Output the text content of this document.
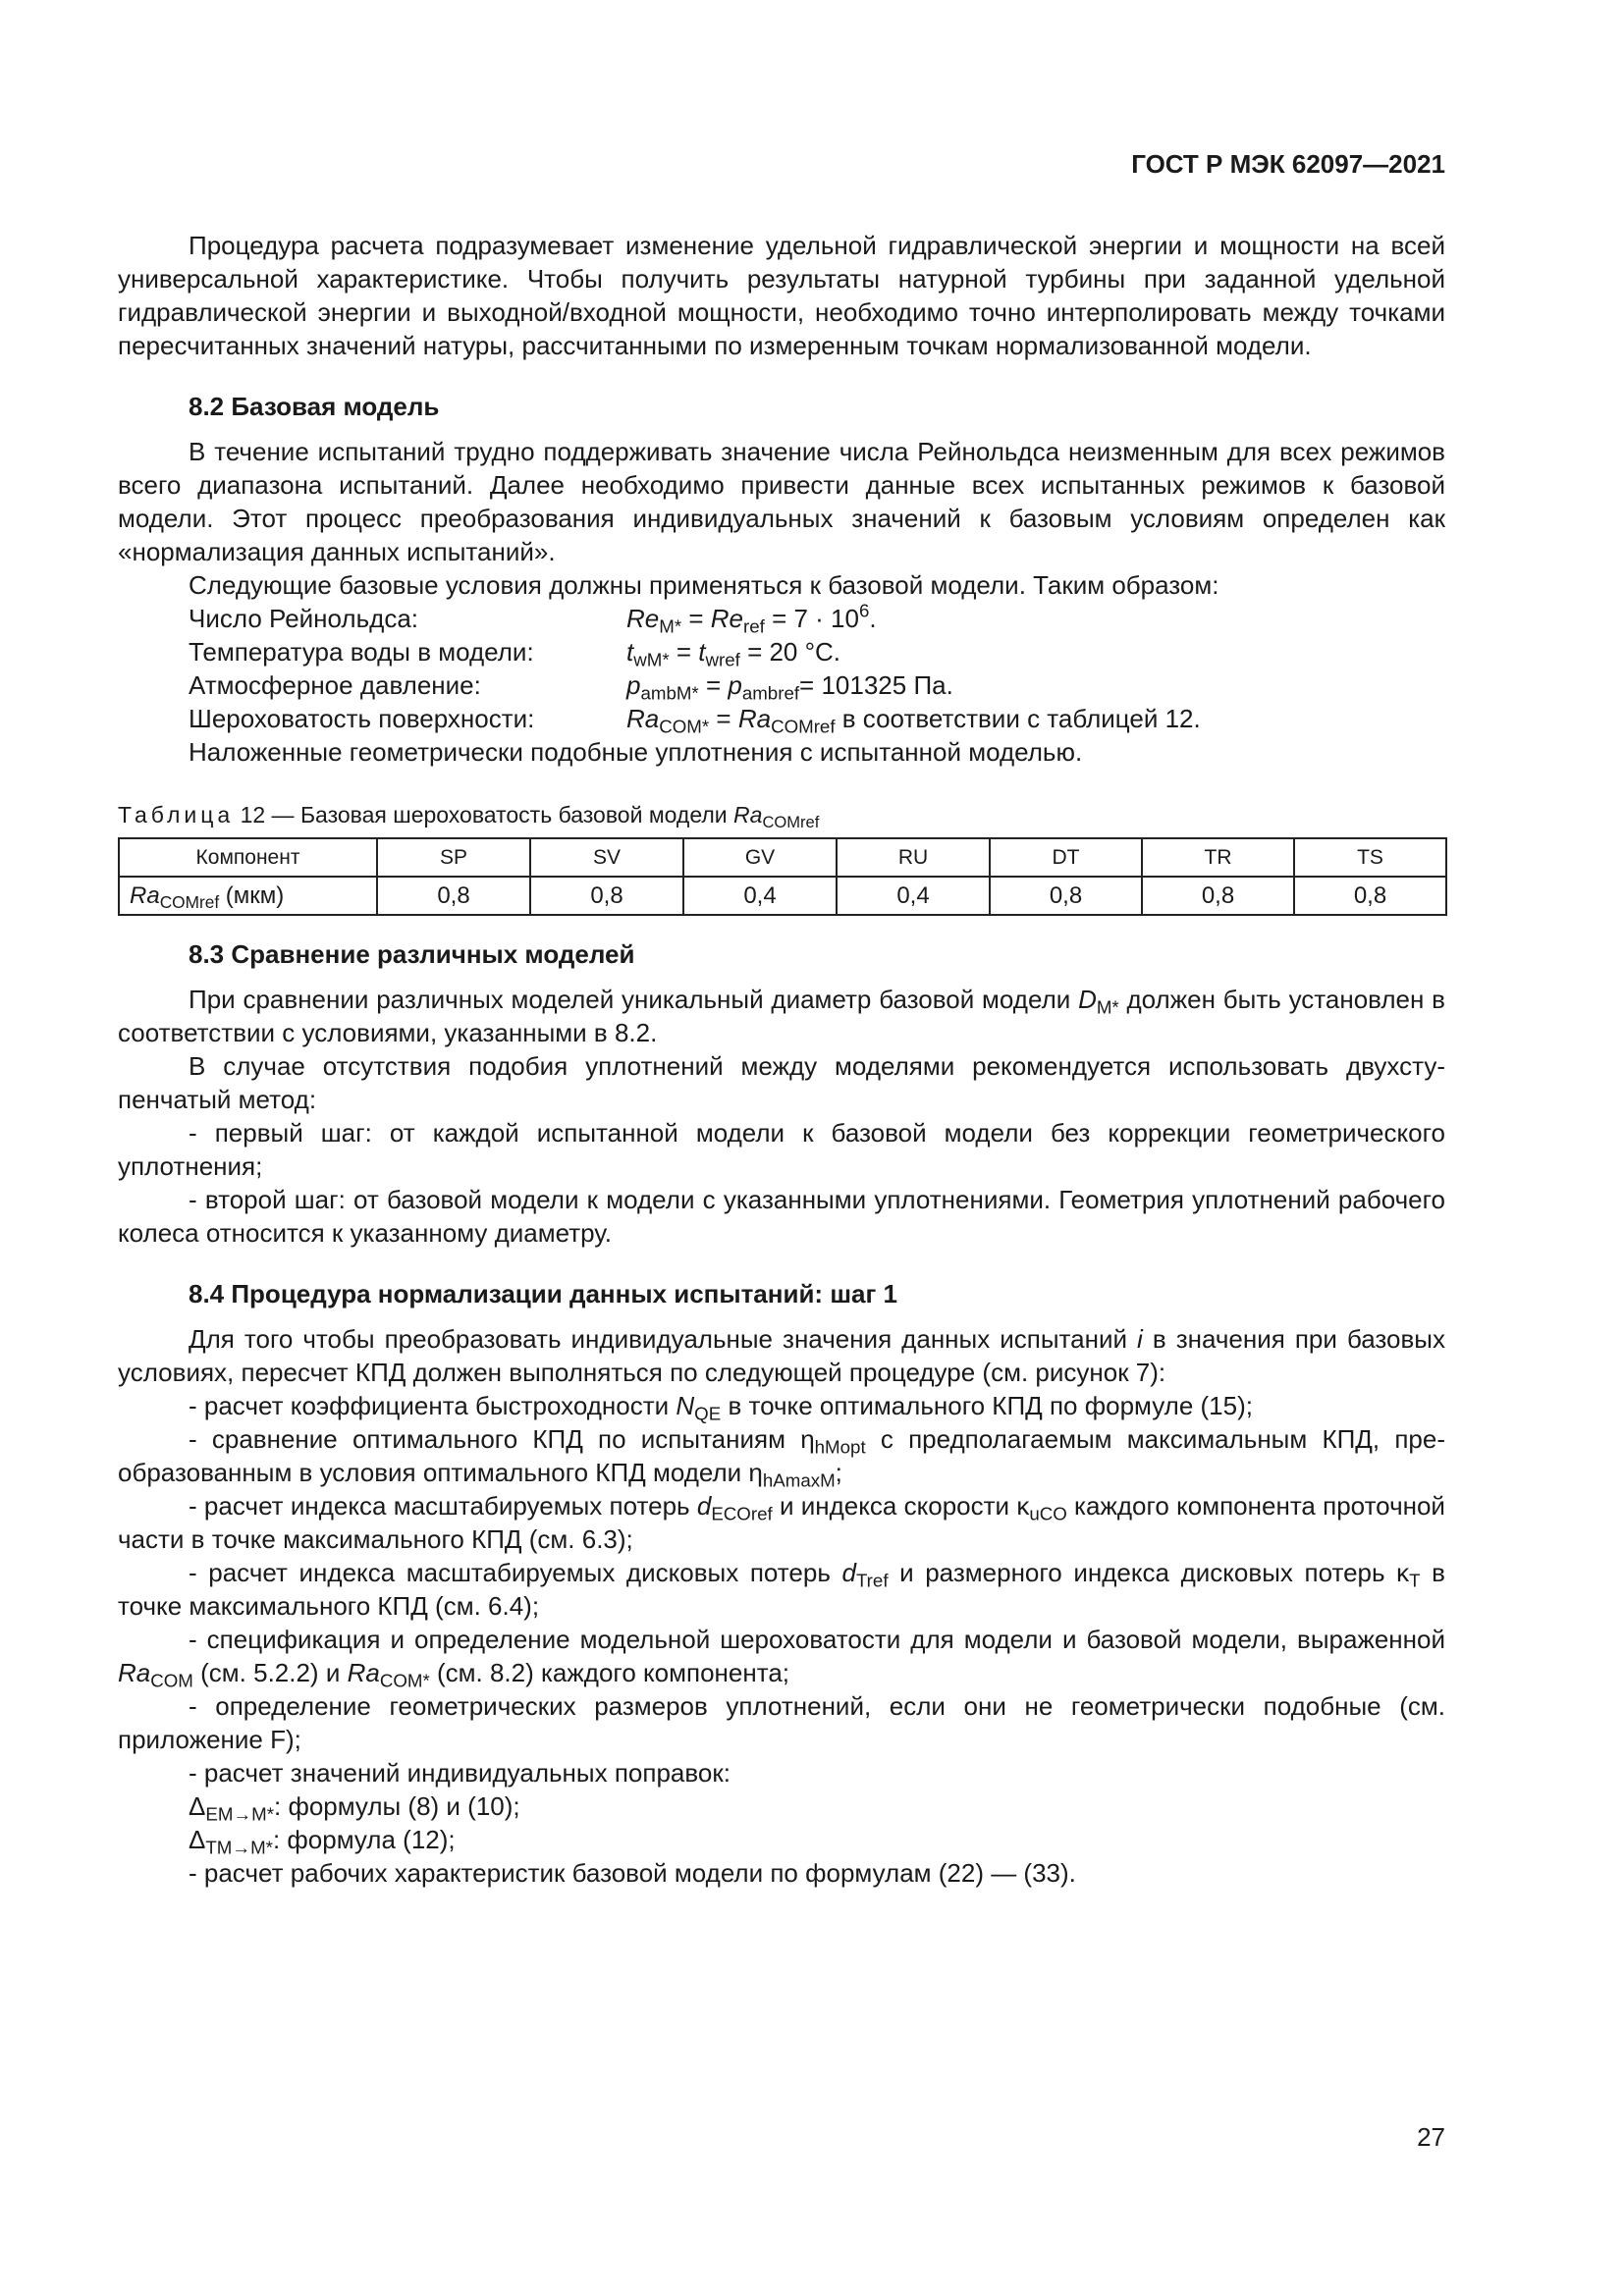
ГОСТ Р МЭК 62097—2021

Процедура расчета подразумевает изменение удельной гидравлической энергии и мощности на всей универсальной характеристике. Чтобы получить результаты натурной турбины при заданной удельной гидравлической энергии и выходной/входной мощности, необходимо точно интерполировать между точками пересчитанных значений натуры, рассчитанными по измеренным точкам нормализованной модели.

8.2 Базовая модель

В течение испытаний трудно поддерживать значение числа Рейнольдса неизменным для всех режимов всего диапазона испытаний. Далее необходимо привести данные всех испытанных режимов к базовой модели. Этот процесс преобразования индивидуальных значений к базовым условиям определен как «нормализация данных испытаний».

Следующие базовые условия должны применяться к базовой модели. Таким образом:

Число Рейнольдса:	$Re_{M*} = Re_{ref} = 7 \cdot 10^6$.
Температура воды в модели:	$t_{wM*} = t_{wref} = 20$ °C.
Атмосферное давление:	$p_{ambM*} = p_{ambref}= 101325$ Па.
Шероховатость поверхности:	$Ra_{COM*} = Ra_{COMref}$ в соответствии с таблицей 12.

Наложенные геометрически подобные уплотнения с испытанной моделью.

Таблица 12 — Базовая шероховатость базовой модели $Ra_{COMref}$
Компонент	SP	SV	GV	RU	DT	TR	TS
$Ra_{COMref}$ (мкм)	0,8	0,8	0,4	0,4	0,8	0,8	0,8
8.3 Сравнение различных моделей

При сравнении различных моделей уникальный диаметр базовой модели $D_{M*}$ должен быть установлен в соответствии с условиями, указанными в 8.2.

В случае отсутствия подобия уплотнений между моделями рекомендуется использовать двухступенчатый метод:

- первый шаг: от каждой испытанной модели к базовой модели без коррекции геометрического уплотнения;

- второй шаг: от базовой модели к модели с указанными уплотнениями. Геометрия уплотнений рабочего колеса относится к указанному диаметру.

8.4 Процедура нормализации данных испытаний: шаг 1

Для того чтобы преобразовать индивидуальные значения данных испытаний i в значения при базовых условиях, пересчет КПД должен выполняться по следующей процедуре (см. рисунок 7):

- расчет коэффициента быстроходности $N_{QE}$ в точке оптимального КПД по формуле (15);

- сравнение оптимального КПД по испытаниям $\eta_{hMopt}$ с предполагаемым максимальным КПД, преобразованным в условия оптимального КПД модели $\eta_{hAmaxM}$;

- расчет индекса масштабируемых потерь $d_{ECOref}$ и индекса скорости $\kappa_{uCO}$ каждого компонента проточной части в точке максимального КПД (см. 6.3);

- расчет индекса масштабируемых дисковых потерь $d_{Tref}$ и размерного индекса дисковых потерь $\kappa_T$ в точке максимального КПД (см. 6.4);

- спецификация и определение модельной шероховатости для модели и базовой модели, выраженной $Ra_{COM}$ (см. 5.2.2) и $Ra_{COM*}$ (см. 8.2) каждого компонента;

- определение геометрических размеров уплотнений, если они не геометрически подобные (см. приложение F);

- расчет значений индивидуальных поправок:

$\Delta_{EM\to M*}$: формулы (8) и (10);

$\Delta_{TM\to M*}$: формула (12);

- расчет рабочих характеристик базовой модели по формулам (22) — (33).

27
